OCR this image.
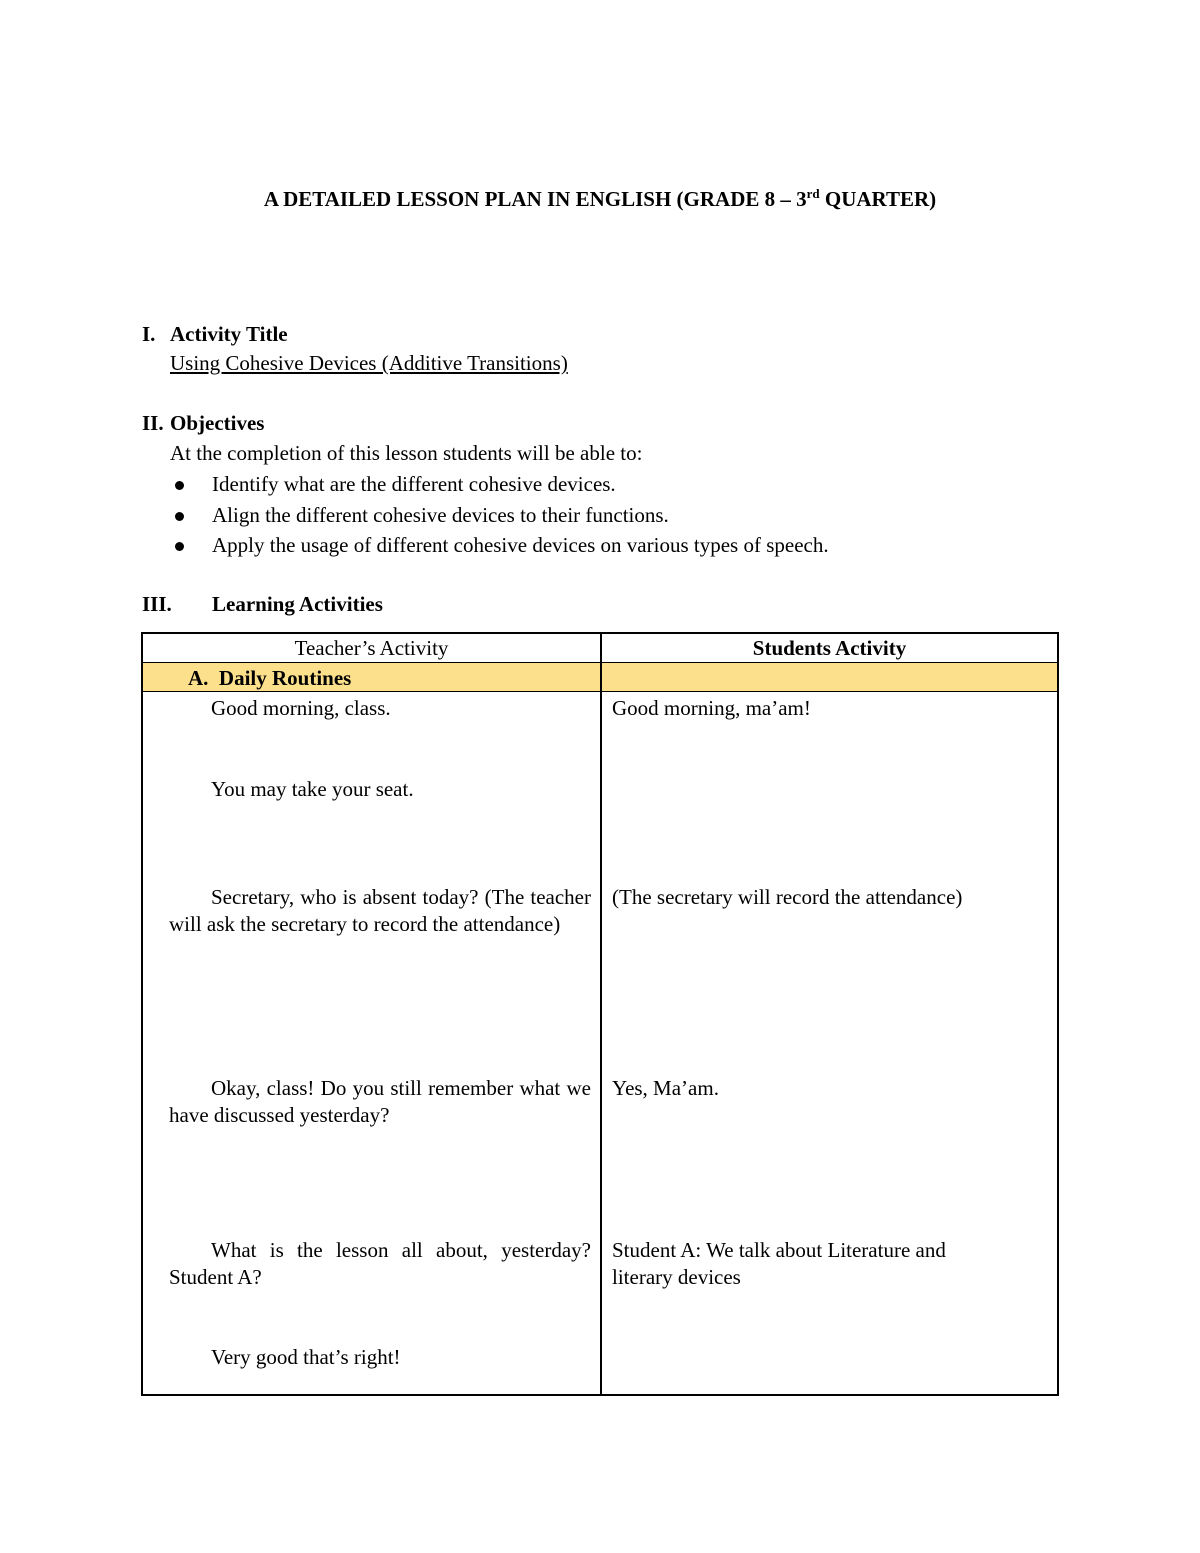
A DETAILED LESSON PLAN IN ENGLISH (GRADE 8 – 3rd QUARTER)
I. Activity Title
Using Cohesive Devices (Additive Transitions)
II. Objectives
At the completion of this lesson students will be able to:
Identify what are the different cohesive devices.
Align the different cohesive devices to their functions.
Apply the usage of different cohesive devices on various types of speech.
III. Learning Activities
Teacher’s Activity	Students Activity
A.  Daily Routines
Good morning, class.
You may take your seat.
Secretary, who is absent today? (The teacher will ask the secretary to record the attendance)
Okay, class! Do you still remember what we have discussed yesterday?
What is the lesson all about, yesterday? Student A?
Very good that’s right!
Good morning, ma’am!
(The secretary will record the attendance)
Yes, Ma’am.
Student A: We talk about Literature and
literary devices
